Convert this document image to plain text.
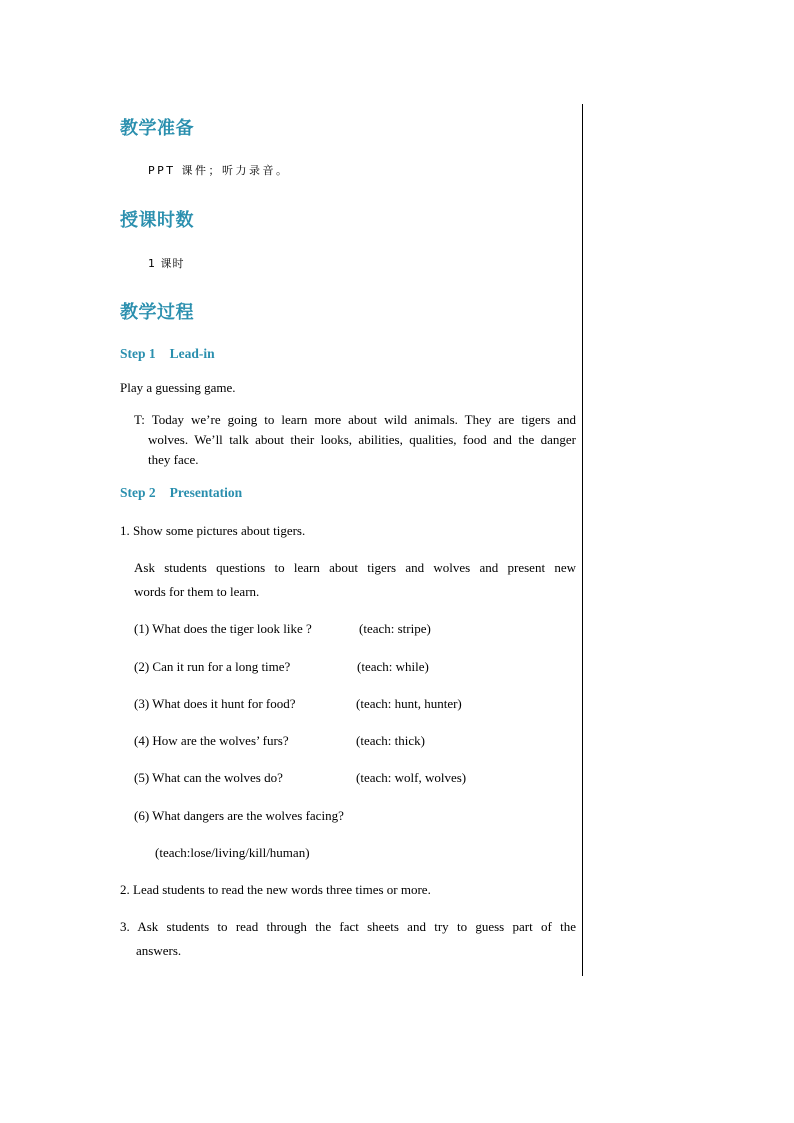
教学准备

PPT 课件；听力录音。

授课时数

1 课时

教学过程
Step 1 Lead-in

Play a guessing game.

T: Today we’re going to learn more about wild animals. They are tigers and

wolves. We’ll talk about their looks, abilities, qualities, food and the danger

they face.

Step 2 Presentation

1. Show some pictures about tigers.

Ask students questions to learn about tigers and wolves and present new

words for them to learn.

(1) What does the tiger look like ?	(teach: stripe)

(2) Can it run for a long time?	(teach: while)

(3) What does it hunt for food?	(teach: hunt, hunter)

(4) How are the wolves’ furs?	(teach: thick)

(5) What can the wolves do?	(teach: wolf, wolves)

(6) What dangers are the wolves facing?

(teach:lose/living/kill/human)

2. Lead students to read the new words three times or more.

3. Ask students to read through the fact sheets and try to guess part of the

answers.
